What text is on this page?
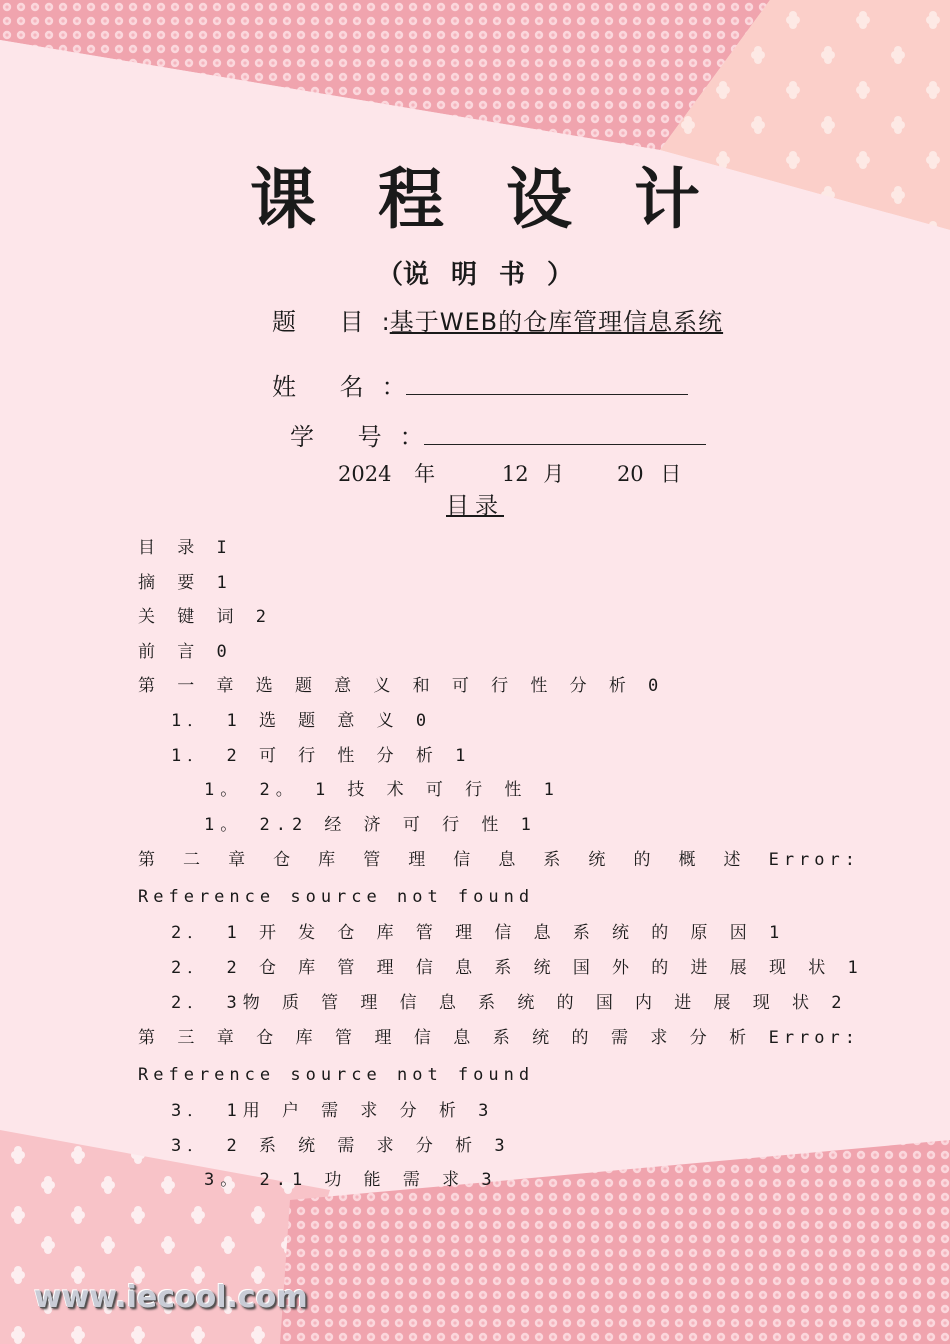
课程设计
（说明书）
题 目:基于WEB的仓库管理信息系统
姓 名：
学 号：
2024 年	12 月	20 日
目录
目 录 I
摘 要 1
关 键 词 2
前 言 0
第 一 章 选 题 意 义 和 可 行 性 分 析 0
1． 1 选 题 意 义 0
1． 2 可 行 性 分 析 1
1。 2。 1 技 术 可 行 性 1
1。 2.2 经 济 可 行 性 1
第 二 章 仓 库 管 理 信 息 系 统 的 概 述 Error: Reference source not found
2． 1 开 发 仓 库 管 理 信 息 系 统 的 原 因 1
2． 2 仓 库 管 理 信 息 系 统 国 外 的 进 展 现 状 1
2． 3物 质 管 理 信 息 系 统 的 国 内 进 展 现 状 2
第 三 章 仓 库 管 理 信 息 系 统 的 需 求 分 析 Error: Reference source not found
3． 1用 户 需 求 分 析 3
3． 2 系 统 需 求 分 析 3
3。 2.1 功 能 需 求 3
www.iecool.com
